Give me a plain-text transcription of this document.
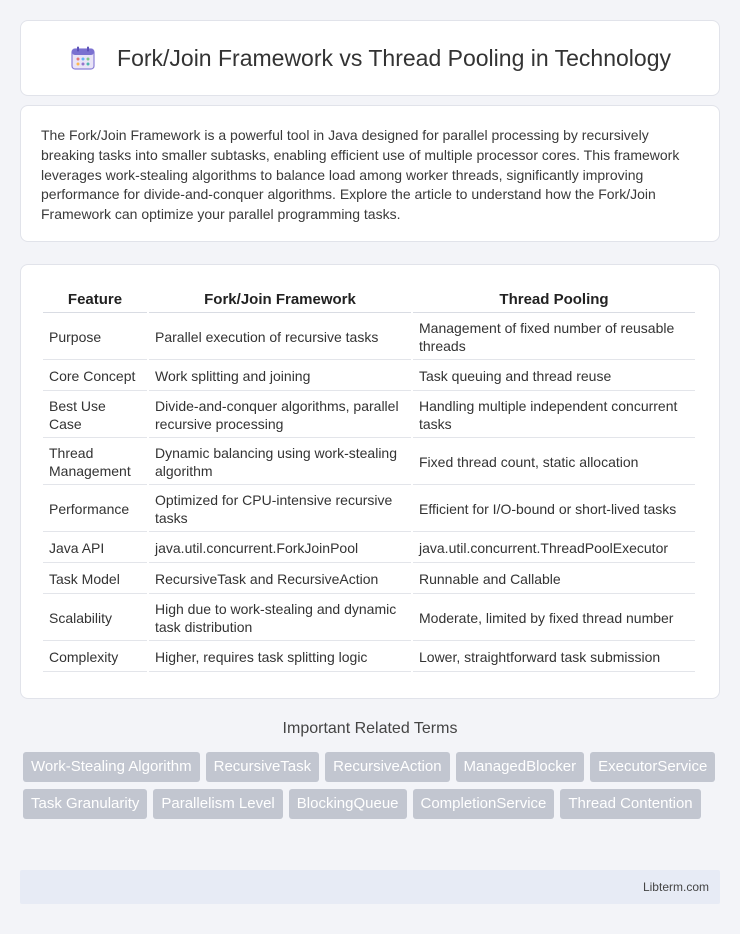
Fork/Join Framework vs Thread Pooling in Technology

The Fork/Join Framework is a powerful tool in Java designed for parallel processing by recursively breaking tasks into smaller subtasks, enabling efficient use of multiple processor cores. This framework leverages work-stealing algorithms to balance load among worker threads, significantly improving performance for divide-and-conquer algorithms. Explore the article to understand how the Fork/Join Framework can optimize your parallel programming tasks.

Feature	Fork/Join Framework	Thread Pooling
Purpose	Parallel execution of recursive tasks	Management of fixed number of reusable threads
Core Concept	Work splitting and joining	Task queuing and thread reuse
Best Use Case	Divide-and-conquer algorithms, parallel recursive processing	Handling multiple independent concurrent tasks
Thread Management	Dynamic balancing using work-stealing algorithm	Fixed thread count, static allocation
Performance	Optimized for CPU-intensive recursive tasks	Efficient for I/O-bound or short-lived tasks
Java API	java.util.concurrent.ForkJoinPool	java.util.concurrent.ThreadPoolExecutor
Task Model	RecursiveTask and RecursiveAction	Runnable and Callable
Scalability	High due to work-stealing and dynamic task distribution	Moderate, limited by fixed thread number
Complexity	Higher, requires task splitting logic	Lower, straightforward task submission
Important Related Terms
Work-Stealing Algorithm	RecursiveTask	RecursiveAction	ManagedBlocker	ExecutorService
Task Granularity	Parallelism Level	BlockingQueue	CompletionService	Thread Contention
Libterm.com
